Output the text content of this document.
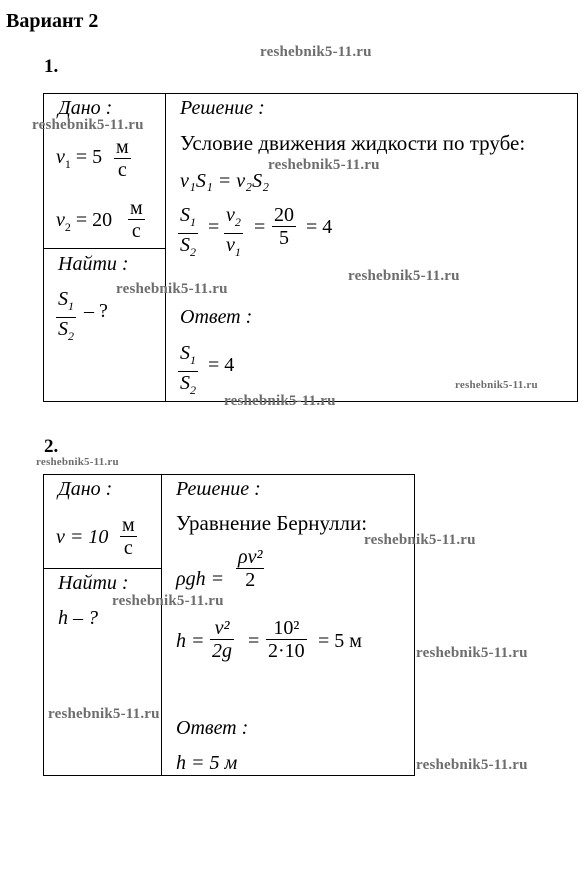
Вариант 2
1.
Дано :	Решение :
$v_1 = 5$ м
с
$v_2 = 20$
м
с
Найти :
$S_1$
$S_2$
– ?
Условие движения жидкости по трубе:
v₁S₁ = v₂S₂
$S_1$
$S_2$
=
$v_2$
$v_1$
=
20
5 = 4
Ответ :
$S_1$
$S_2$
= 4
2.
Дано :	Решение :
v = 10
м
с
Найти :
h – ?
Уравнение Бернулли:
ρgh =
ρv²
2
h =
v²
2g =
10²
2·10 = 5 м
Ответ :
h = 5 м
reshebnik5-11.ru
reshebnik5-11.ru
reshebnik5-11.ru
reshebnik5-11.ru
reshebnik5-11.ru
reshebnik5-11.ru
reshebnik5-11.ru
reshebnik5-11.ru
reshebnik5-11.ru
reshebnik5-11.ru
reshebnik5-11.ru
reshebnik5-11.ru
reshebnik5-11.ru
